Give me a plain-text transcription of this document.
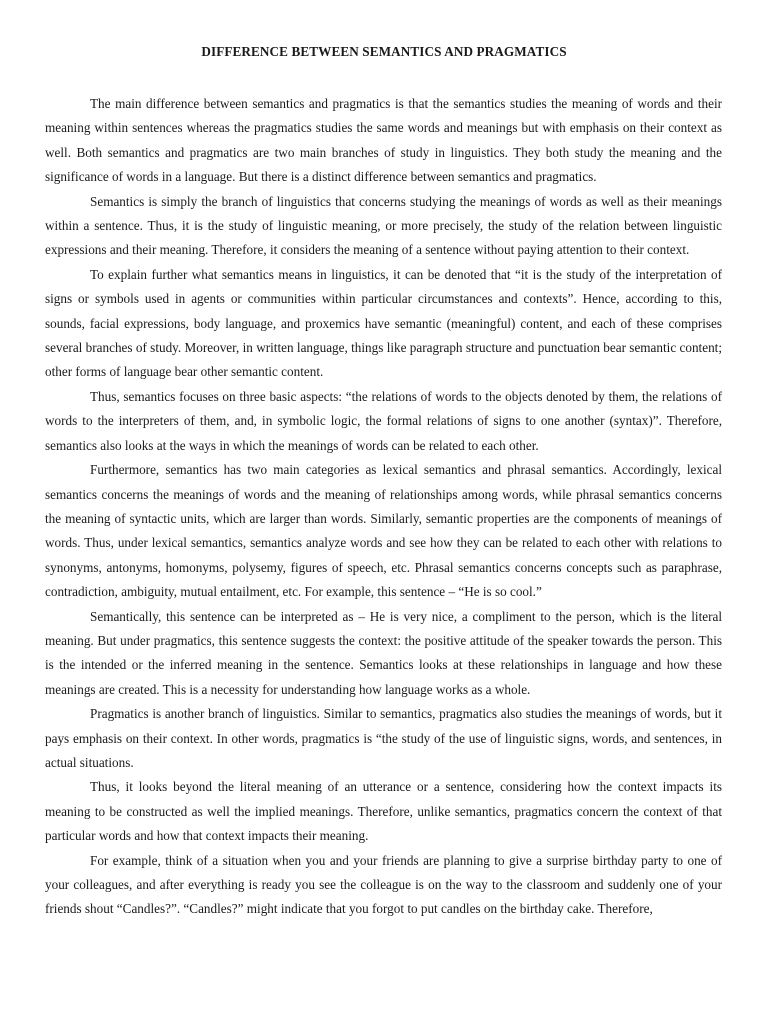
DIFFERENCE BETWEEN SEMANTICS AND PRAGMATICS

The main difference between semantics and pragmatics is that the semantics studies the meaning of words and their meaning within sentences whereas the pragmatics studies the same words and meanings but with emphasis on their context as well. Both semantics and pragmatics are two main branches of study in linguistics. They both study the meaning and the significance of words in a language. But there is a distinct difference between semantics and pragmatics.

Semantics is simply the branch of linguistics that concerns studying the meanings of words as well as their meanings within a sentence. Thus, it is the study of linguistic meaning, or more precisely, the study of the relation between linguistic expressions and their meaning. Therefore, it considers the meaning of a sentence without paying attention to their context.

To explain further what semantics means in linguistics, it can be denoted that “it is the study of the interpretation of signs or symbols used in agents or communities within particular circumstances and contexts”. Hence, according to this, sounds, facial expressions, body language, and proxemics have semantic (meaningful) content, and each of these comprises several branches of study. Moreover, in written language, things like paragraph structure and punctuation bear semantic content; other forms of language bear other semantic content.

Thus, semantics focuses on three basic aspects: “the relations of words to the objects denoted by them, the relations of words to the interpreters of them, and, in symbolic logic, the formal relations of signs to one another (syntax)”. Therefore, semantics also looks at the ways in which the meanings of words can be related to each other.

Furthermore, semantics has two main categories as lexical semantics and phrasal semantics. Accordingly, lexical semantics concerns the meanings of words and the meaning of relationships among words, while phrasal semantics concerns the meaning of syntactic units, which are larger than words. Similarly, semantic properties are the components of meanings of words. Thus, under lexical semantics, semantics analyze words and see how they can be related to each other with relations to synonyms, antonyms, homonyms, polysemy, figures of speech, etc. Phrasal semantics concerns concepts such as paraphrase, contradiction, ambiguity, mutual entailment, etc. For example, this sentence – “He is so cool.”

Semantically, this sentence can be interpreted as – He is very nice, a compliment to the person, which is the literal meaning. But under pragmatics, this sentence suggests the context: the positive attitude of the speaker towards the person. This is the intended or the inferred meaning in the sentence. Semantics looks at these relationships in language and how these meanings are created. This is a necessity for understanding how language works as a whole.

Pragmatics is another branch of linguistics. Similar to semantics, pragmatics also studies the meanings of words, but it pays emphasis on their context. In other words, pragmatics is “the study of the use of linguistic signs, words, and sentences, in actual situations.

Thus, it looks beyond the literal meaning of an utterance or a sentence, considering how the context impacts its meaning to be constructed as well the implied meanings. Therefore, unlike semantics, pragmatics concern the context of that particular words and how that context impacts their meaning.

For example, think of a situation when you and your friends are planning to give a surprise birthday party to one of your colleagues, and after everything is ready you see the colleague is on the way to the classroom and suddenly one of your friends shout “Candles?”. “Candles?” might indicate that you forgot to put candles on the birthday cake. Therefore,
